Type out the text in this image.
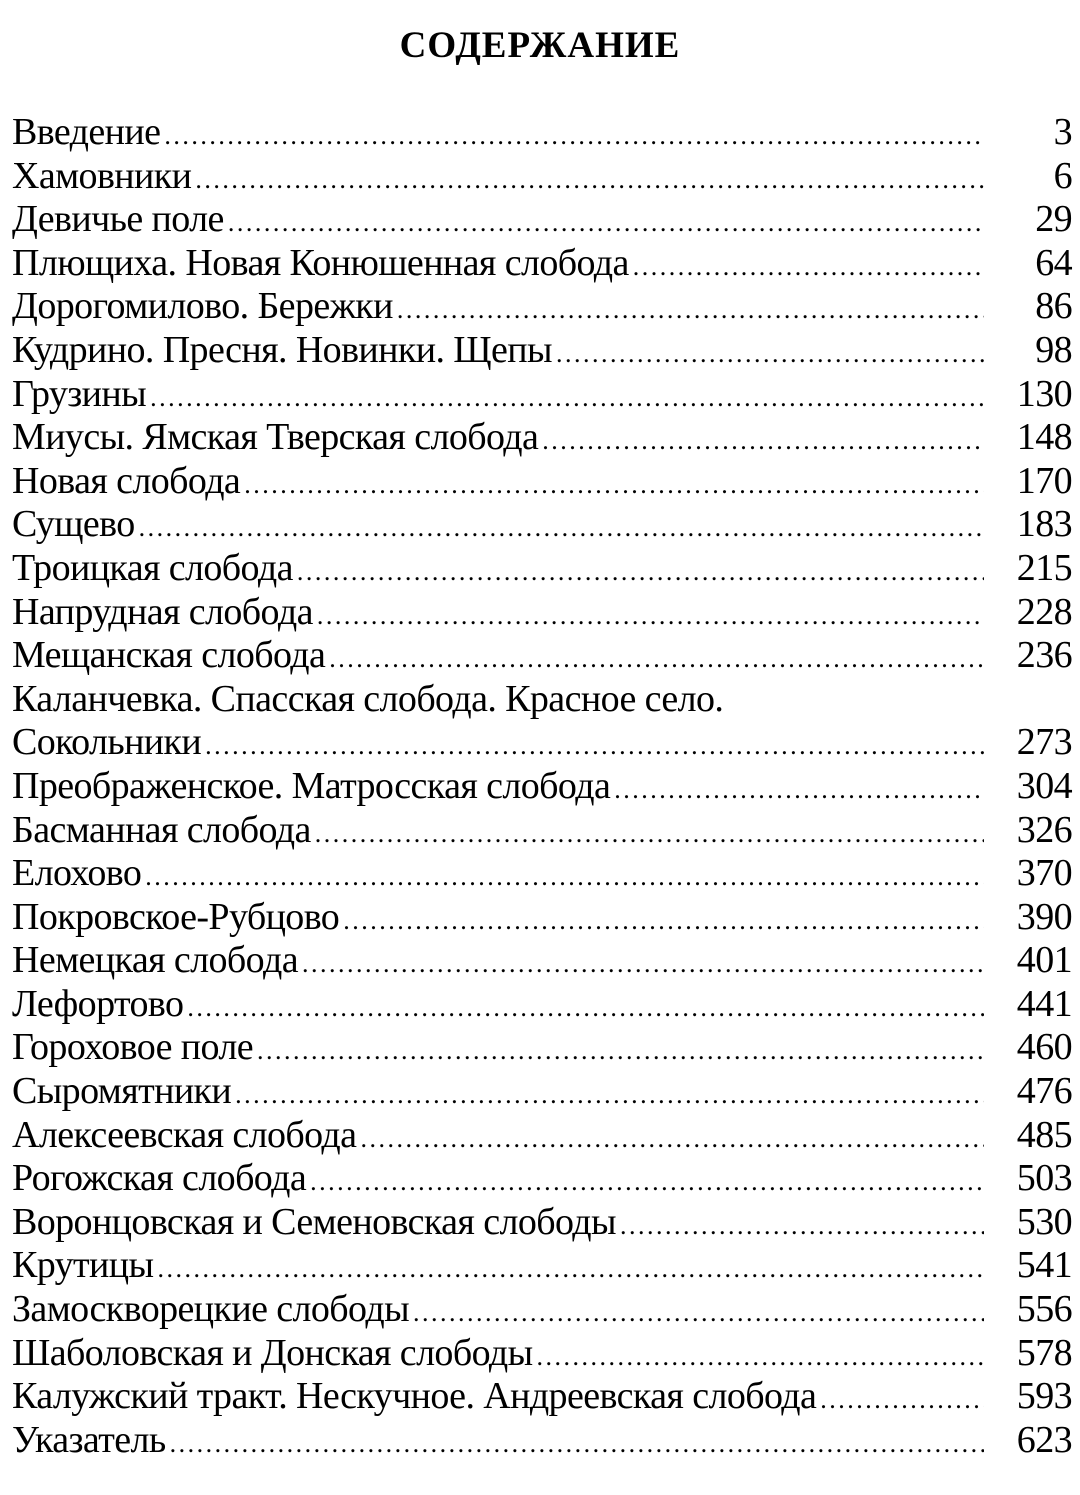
СОДЕРЖАНИЕ
Введение .....	3
Хамовники .....	6
Девичье поле .....	29
Плющиха. Новая Конюшенная слобода .....	64
Дорогомилово. Бережки .....	86
Кудрино. Пресня. Новинки. Щепы .....	98
Грузины .....	130
Миусы. Ямская Тверская слобода .....	148
Новая слобода .....	170
Сущево .....	183
Троицкая слобода .....	215
Напрудная слобода .....	228
Мещанская слобода .....	236
Каланчевка. Спасская слобода. Красное село.
Сокольники .....	273
Преображенское. Матросская слобода .....	304
Басманная слобода .....	326
Елохово .....	370
Покровское-Рубцово .....	390
Немецкая слобода .....	401
Лефортово .....	441
Гороховое поле .....	460
Сыромятники .....	476
Алексеевская слобода .....	485
Рогожская слобода .....	503
Воронцовская и Семеновская слободы .....	530
Крутицы .....	541
Замоскворецкие слободы .....	556
Шаболовская и Донская слободы .....	578
Калужский тракт. Нескучное. Андреевская слобода .....	593
Указатель .....	623
